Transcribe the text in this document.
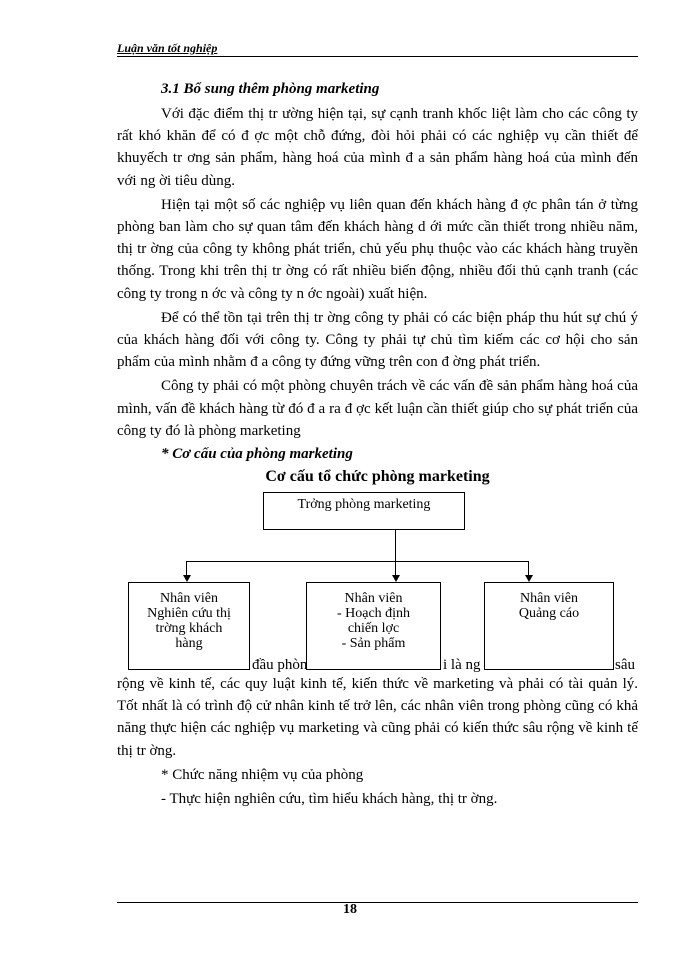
Luận văn tốt nghiệp
3.1 Bổ sung thêm phòng marketing

Với đặc điểm thị tr ường hiện tại, sự cạnh tranh khốc liệt làm cho các công ty rất khó khăn để có đ ợc một chỗ đứng, đòi hỏi phải có các nghiệp vụ cần thiết để khuyếch tr ơng sản phẩm, hàng hoá của mình đ a sản phẩm hàng hoá của mình đến với ng ời tiêu dùng.

Hiện tại một số các nghiệp vụ liên quan đến khách hàng đ ợc phân tán ở từng phòng ban làm cho sự quan tâm đến khách hàng d ới mức cần thiết trong nhiều năm, thị tr ờng của công ty không phát triển, chủ yếu phụ thuộc vào các khách hàng truyền thống. Trong khi trên thị tr ờng có rất nhiều biến động, nhiều đối thủ cạnh tranh (các công ty trong n ớc và công ty n ớc ngoài) xuất hiện.

Để có thể tồn tại trên thị tr ờng công ty phải có các biện pháp thu hút sự chú ý của khách hàng đối với công ty. Công ty phải tự chủ tìm kiếm các cơ hội cho sản phẩm của mình nhằm đ a công ty đứng vững trên con đ ờng phát triển.

Công ty phải có một phòng chuyên trách về các vấn đề sản phẩm hàng hoá của mình, vấn đề khách hàng từ đó đ a ra đ ợc kết luận cần thiết giúp cho sự phát triển của công ty đó là phòng marketing

* Cơ cấu của phòng marketing
Cơ cấu tổ chức phòng marketing
Trởng phòng marketing
Nhân viên
Nghiên cứu thị
trờng khách
hàng
Nhân viên
- Hoạch định
chiến lợc
- Sản phẩm
Nhân viên
Quảng cáo
đầu phòn	i là ng	sâu

rộng về kinh tế, các quy luật kinh tế, kiến thức về marketing và phải có tài quản lý. Tốt nhất là có trình độ cử nhân kinh tế trở lên, các nhân viên trong phòng cũng có khả năng thực hiện các nghiệp vụ marketing và cũng phải có kiến thức sâu rộng về kinh tế thị tr ờng.

* Chức năng nhiệm vụ của phòng
- Thực hiện nghiên cứu, tìm hiểu khách hàng, thị tr ờng.
18
